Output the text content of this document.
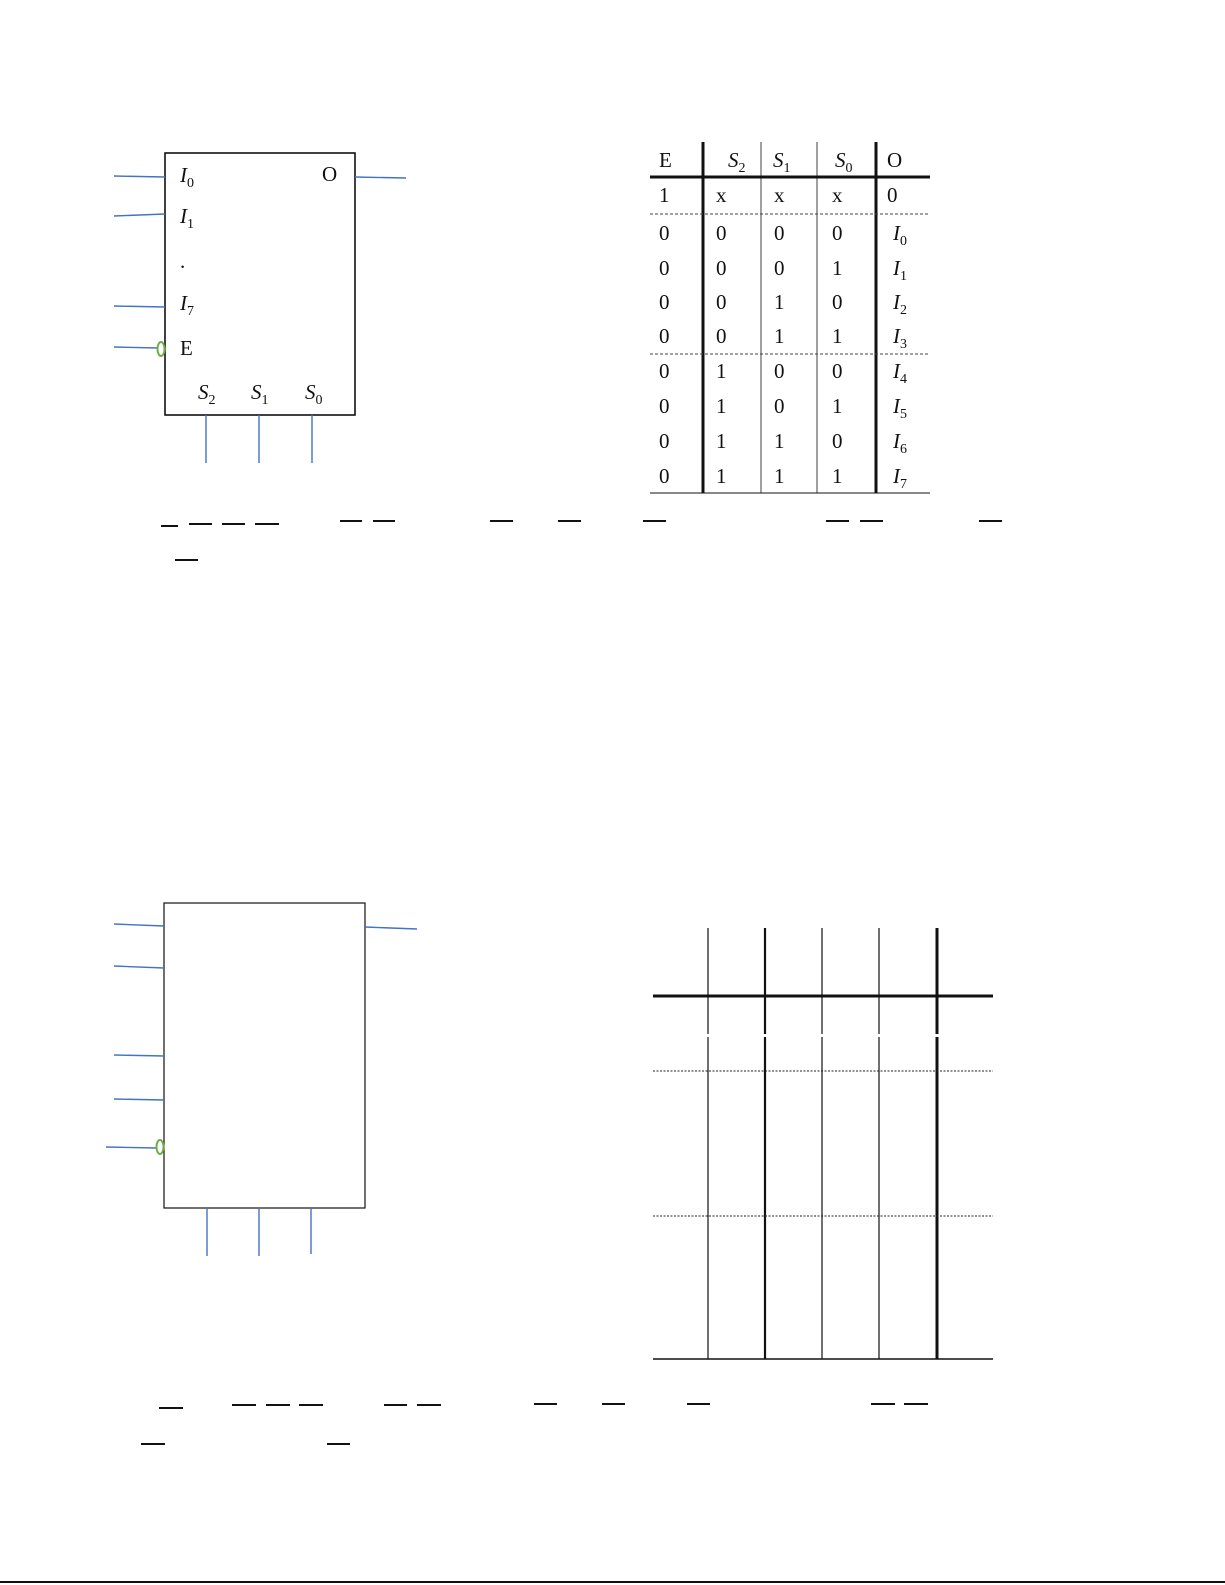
$I_0$
$I_1$
.
$I_7$
E
O
$S_2$ $S_1$ $S_0$
E	$S_2$ $S_1$ $S_0$ O
1 x x x 0
0 0 0 0 $I_0$
0 0 0 1 $I_1$
0 0 1 0 $I_2$
0 0 1 1 $I_3$
0 1 0 0 $I_4$
0 1 0 1 $I_5$
0 1 1 0 $I_6$
0 1 1 1 $I_7$
